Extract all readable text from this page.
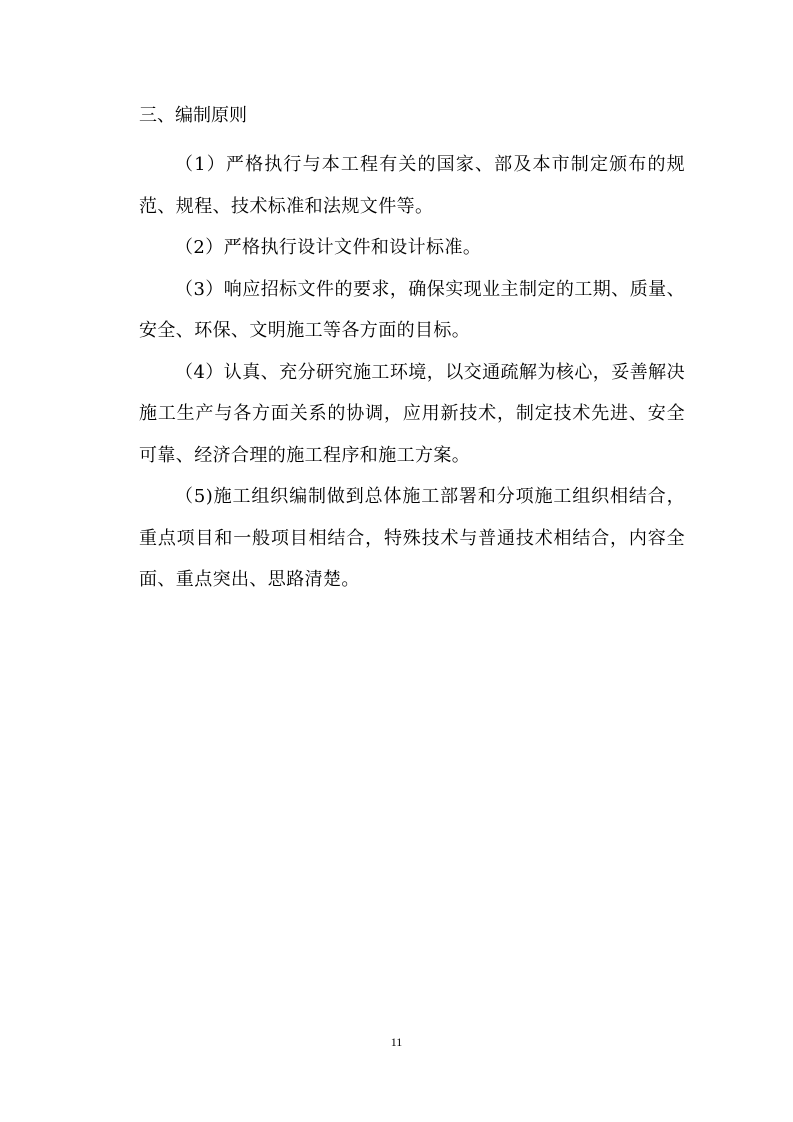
三、编制原则

（1）严格执行与本工程有关的国家、部及本市制定颁布的规范、规程、技术标准和法规文件等。

（2）严格执行设计文件和设计标准。

（3）响应招标文件的要求，确保实现业主制定的工期、质量、安全、环保、文明施工等各方面的目标。

（4）认真、充分研究施工环境，以交通疏解为核心，妥善解决施工生产与各方面关系的协调，应用新技术，制定技术先进、安全可靠、经济合理的施工程序和施工方案。

（5)施工组织编制做到总体施工部署和分项施工组织相结合，重点项目和一般项目相结合，特殊技术与普通技术相结合，内容全面、重点突出、思路清楚。

11
